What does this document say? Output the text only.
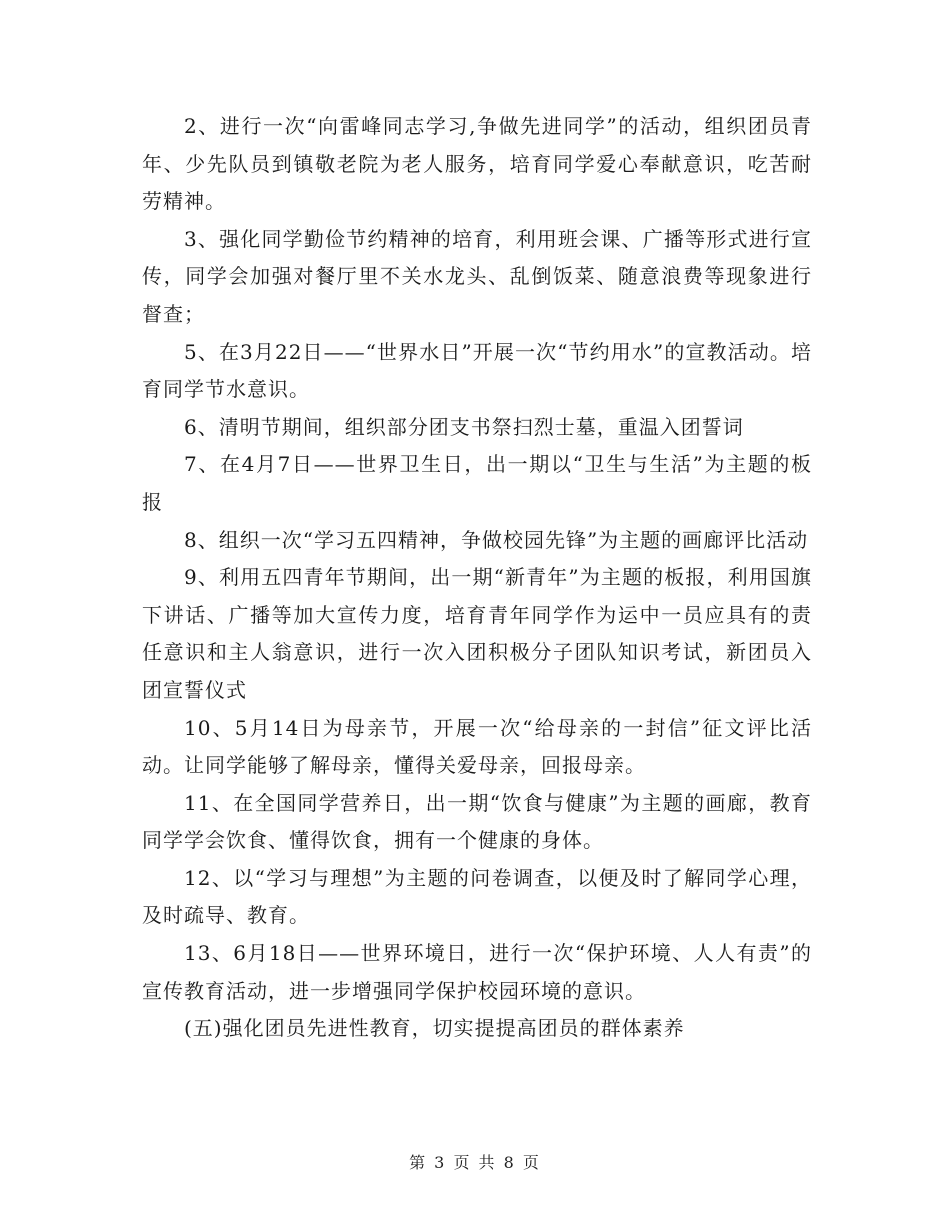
2、进行一次“向雷峰同志学习,争做先进同学”的活动，组织团员青年、少先队员到镇敬老院为老人服务，培育同学爱心奉献意识，吃苦耐劳精神。

3、强化同学勤俭节约精神的培育，利用班会课、广播等形式进行宣传，同学会加强对餐厅里不关水龙头、乱倒饭菜、随意浪费等现象进行督查；

5、在3月22日——“世界水日”开展一次“节约用水”的宣教活动。培育同学节水意识。

6、清明节期间，组织部分团支书祭扫烈士墓，重温入团誓词

7、在4月7日——世界卫生日，出一期以“卫生与生活”为主题的板报

8、组织一次“学习五四精神，争做校园先锋”为主题的画廊评比活动

9、利用五四青年节期间，出一期“新青年”为主题的板报，利用国旗下讲话、广播等加大宣传力度，培育青年同学作为运中一员应具有的责任意识和主人翁意识，进行一次入团积极分子团队知识考试，新团员入团宣誓仪式

10、5月14日为母亲节，开展一次“给母亲的一封信”征文评比活动。让同学能够了解母亲，懂得关爱母亲，回报母亲。

11、在全国同学营养日，出一期“饮食与健康”为主题的画廊，教育同学学会饮食、懂得饮食，拥有一个健康的身体。

12、以“学习与理想”为主题的问卷调查，以便及时了解同学心理，及时疏导、教育。

13、6月18日——世界环境日，进行一次“保护环境、人人有责”的宣传教育活动，进一步增强同学保护校园环境的意识。

(五)强化团员先进性教育，切实提提高团员的群体素养

第 3 页 共 8 页
